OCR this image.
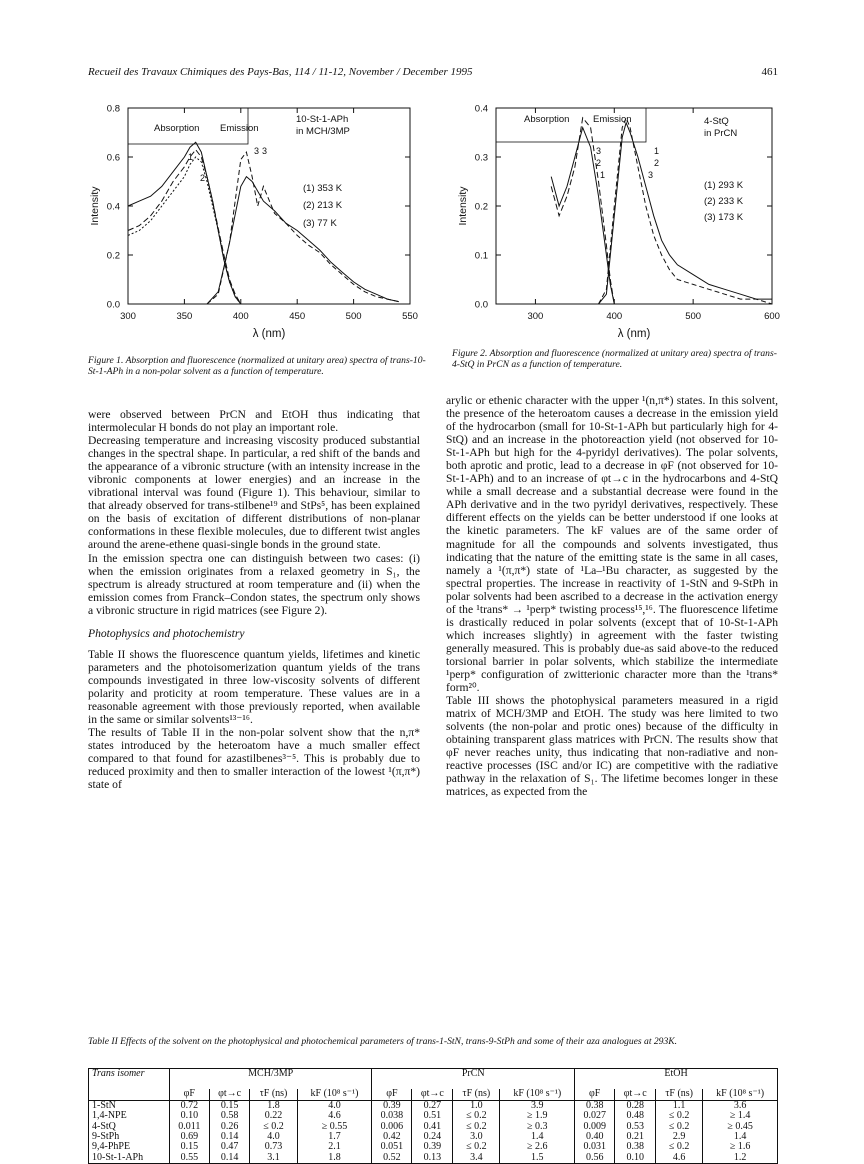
Recueil des Travaux Chimiques des Pays-Bas, 114 / 11-12, November / December 1995	461
300	350	400	450	500	550
0.0
0.2
0.4
0.6
0.8
λ (nm)
Intensity
Absorption Emission
10-St-1-APh
in MCH/3MP
(1) 353 K
(2) 213 K
(3) 77 K
1
2
3 3
Figure 1. Absorption and fluorescence (normalized at unitary area) spectra of trans-10-St-1-APh in a non-polar solvent as a function of temperature.
300	400	500	600
0.0
0.1
0.2
0.3
0.4
λ (nm)
Intensity
Absorption Emission	4-StQ
in PrCN
(1) 293 K
(2) 233 K
(3) 173 K
3
2
1
1
2
3
Figure 2. Absorption and fluorescence (normalized at unitary area) spectra of trans-4-StQ in PrCN as a function of temperature.

were observed between PrCN and EtOH thus indicating that intermolecular H bonds do not play an important role.

Decreasing temperature and increasing viscosity produced substantial changes in the spectral shape. In particular, a red shift of the bands and the appearance of a vibronic structure (with an intensity increase in the vibronic components at lower energies) and an increase in the vibrational interval was found (Figure 1). This behaviour, similar to that already observed for trans-stilbene¹⁹ and StPs⁵, has been explained on the basis of excitation of different distributions of non-planar conformations in these flexible molecules, due to different twist angles around the arene-ethene quasi-single bonds in the ground state.

In the emission spectra one can distinguish between two cases: (i) when the emission originates from a relaxed geometry in S₁, the spectrum is already structured at room temperature and (ii) when the emission comes from Franck–Condon states, the spectrum only shows a vibronic structure in rigid matrices (see Figure 2).

Photophysics and photochemistry

Table II shows the fluorescence quantum yields, lifetimes and kinetic parameters and the photoisomerization quantum yields of the trans compounds investigated in three low-viscosity solvents of different polarity and proticity at room temperature. These values are in a reasonable agreement with those previously reported, when available in the same or similar solvents¹³⁻¹⁶.

The results of Table II in the non-polar solvent show that the n,π* states introduced by the heteroatom have a much smaller effect compared to that found for azastilbenes³⁻⁵. This is probably due to reduced proximity and then to smaller interaction of the lowest ¹(π,π*) state of

arylic or ethenic character with the upper ¹(n,π*) states. In this solvent, the presence of the heteroatom causes a decrease in the emission yield of the hydrocarbon (small for 10-St-1-APh but particularly high for 4-StQ) and an increase in the photoreaction yield (not observed for 10-St-1-APh but high for the 4-pyridyl derivatives). The polar solvents, both aprotic and protic, lead to a decrease in φF (not observed for 10-St-1-APh) and to an increase of φt→c in the hydrocarbons and 4-StQ while a small decrease and a substantial decrease were found in the APh derivative and in the two pyridyl derivatives, respectively. These different effects on the yields can be better understood if one looks at the kinetic parameters. The kF values are of the same order of magnitude for all the compounds and solvents investigated, thus indicating that the nature of the emitting state is the same in all cases, namely a ¹(π,π*) state of ¹La–¹Bu character, as suggested by the spectral properties. The increase in reactivity of 1-StN and 9-StPh in polar solvents had been ascribed to a decrease in the activation energy of the ¹trans* → ¹perp* twisting process¹⁵,¹⁶. The fluorescence lifetime is drastically reduced in polar solvents (except that of 10-St-1-APh which increases slightly) in agreement with the faster twisting generally measured. This is probably due-as said above-to the reduced torsional barrier in polar solvents, which stabilize the intermediate ¹perp* configuration of zwitterionic character more than the ¹trans* form²⁰.

Table III shows the photophysical parameters measured in a rigid matrix of MCH/3MP and EtOH. The study was here limited to two solvents (the non-polar and protic ones) because of the difficulty in obtaining transparent glass matrices with PrCN. The results show that φF never reaches unity, thus indicating that non-radiative and non-reactive processes (ISC and/or IC) are competitive with the radiative pathway in the relaxation of S₁. The lifetime becomes longer in these matrices, as expected from the

Table II Effects of the solvent on the photophysical and photochemical parameters of trans-1-StN, trans-9-StPh and some of their aza analogues at 293K.
Trans isomer	MCH/3MP				PrCN				EtOH			

	φF	φt→c	τF (ns)	kF (10⁸ s⁻¹)	φF	φt→c	τF (ns)	kF (10⁸ s⁻¹)	φF	φt→c	τF (ns)	kF (10⁸ s⁻¹)
1-StN	0.72	0.15	1.8	4.0	0.39	0.27	1.0	3.9	0.38	0.28	1.1	3.6
1,4-NPE	0.10	0.58	0.22	4.6	0.038	0.51	≤ 0.2	≥ 1.9	0.027	0.48	≤ 0.2	≥ 1.4
4-StQ	0.011	0.26	≤ 0.2	≥ 0.55	0.006	0.41	≤ 0.2	≥ 0.3	0.009	0.53	≤ 0.2	≥ 0.45
9-StPh	0.69	0.14	4.0	1.7	0.42	0.24	3.0	1.4	0.40	0.21	2.9	1.4
9,4-PhPE	0.15	0.47	0.73	2.1	0.051	0.39	≤ 0.2	≥ 2.6	0.031	0.38	≤ 0.2	≥ 1.6
10-St-1-APh	0.55	0.14	3.1	1.8	0.52	0.13	3.4	1.5	0.56	0.10	4.6	1.2
